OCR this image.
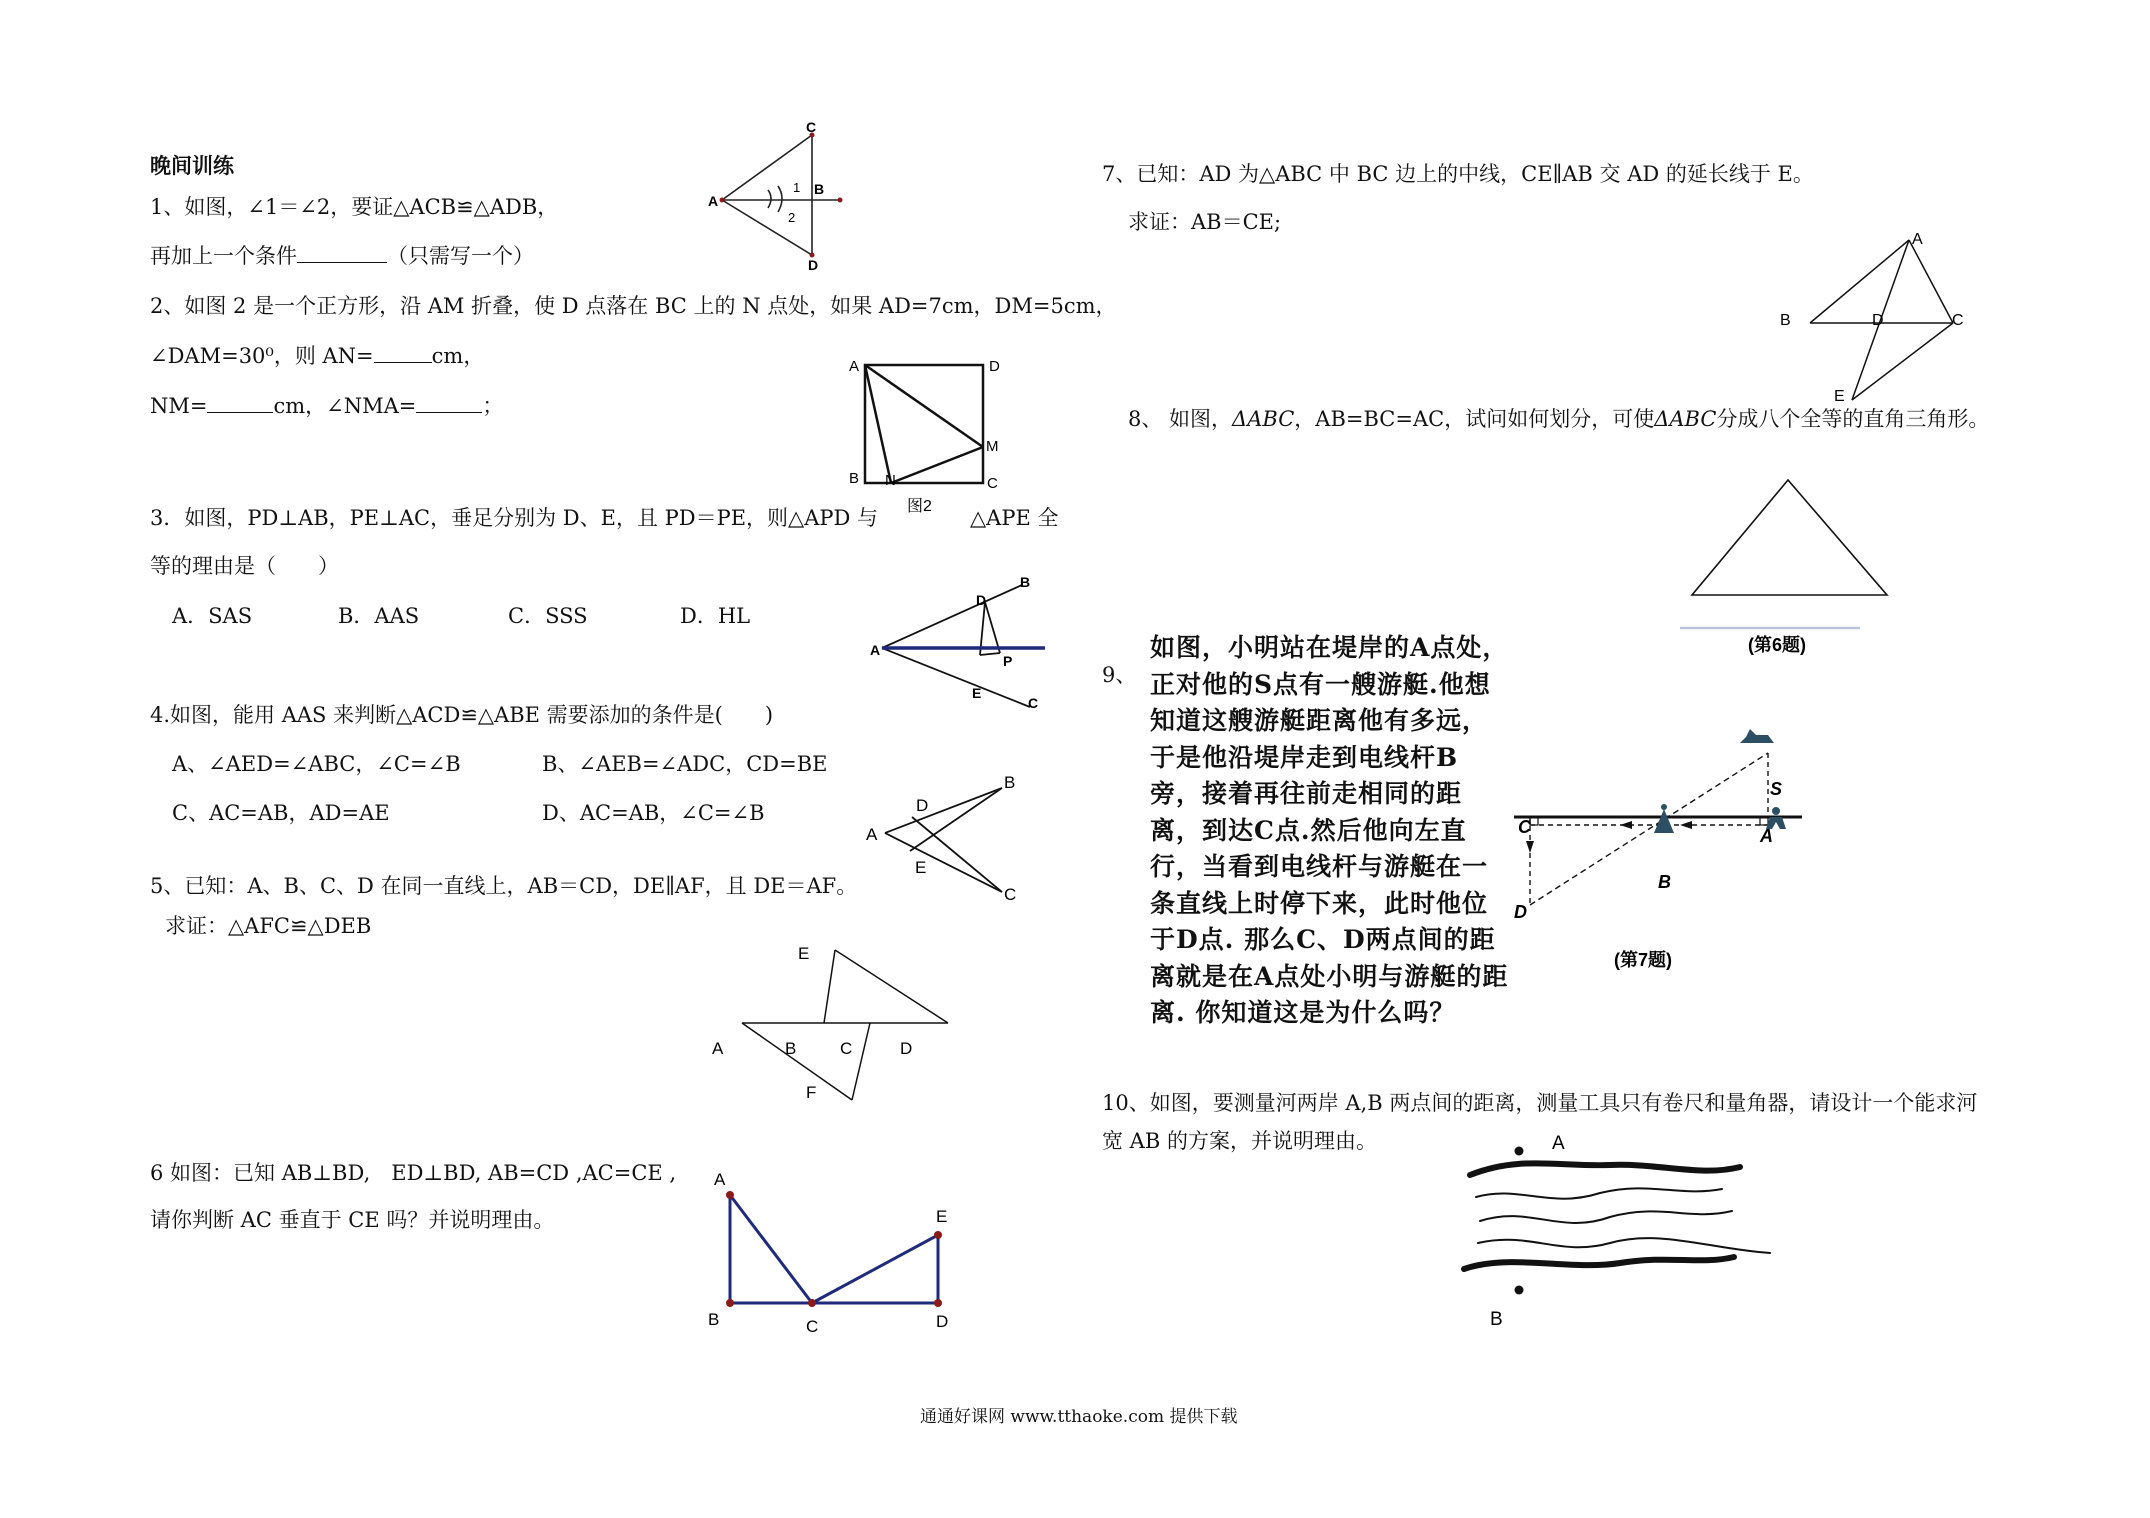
晚间训练
1、如图，∠1＝∠2，要证△ACB≌△ADB，
再加上一个条件	（只需写一个）
2、如图 2 是一个正方形，沿 AM 折叠，使 D 点落在 BC 上的 N 点处，如果 AD=7cm，DM=5cm，
∠DAM=30⁰，则 AN=	cm，
NM=	cm，∠NMA=	；
3．如图，PD⊥AB，PE⊥AC，垂足分别为 D、E，且 PD＝PE，则△APD 与	△APE 全
等的理由是（　　）
A．SAS	B．AAS	C．SSS	D．HL
4.如图，能用 AAS 来判断△ACD≌△ABE 需要添加的条件是(　　)
A、∠AED=∠ABC，∠C=∠B	B、∠AEB=∠ADC，CD=BE
C、AC=AB，AD=AE	D、AC=AB，∠C=∠B
5、已知：A、B、C、D 在同一直线上，AB＝CD，DE∥AF，且 DE＝AF。
求证：△AFC≌△DEB
6 如图：已知 AB⊥BD,　ED⊥BD, AB=CD ,AC=CE ,
请你判断 AC 垂直于 CE 吗？并说明理由。
7、已知：AD 为△ABC 中 BC 边上的中线，CE∥AB 交 AD 的延长线于 E。
求证：AB＝CE;
8、 如图，ΔABC，AB=BC=AC，试问如何划分，可使ΔABC分成八个全等的直角三角形。
9、
如图，小明站在堤岸的A点处，正对他的S点有一艘游艇.他想知道这艘游艇距离他有多远，于是他沿堤岸走到电线杆B旁，接着再往前走相同的距离，到达C点.然后他向左直行，当看到电线杆与游艇在一条直线上时停下来，此时他位于D点. 那么C、D两点间的距离就是在A点处小明与游艇的距离. 你知道这是为什么吗？
10、如图，要测量河两岸 A,B 两点间的距离，测量工具只有卷尺和量角器，请设计一个能求河
宽 AB 的方案，并说明理由。
通通好课网 www.tthaoke.com 提供下载
A
C
B
D
1
2
A	D
B N
M
C
图2
A
B
D
P
E
C
A
B
D
E
C
E
A	B	C	D
F
A
B	C
E
D
A
B	D	C
E
(第6题)
C
D
B
S
A
(第7题)
A
B
